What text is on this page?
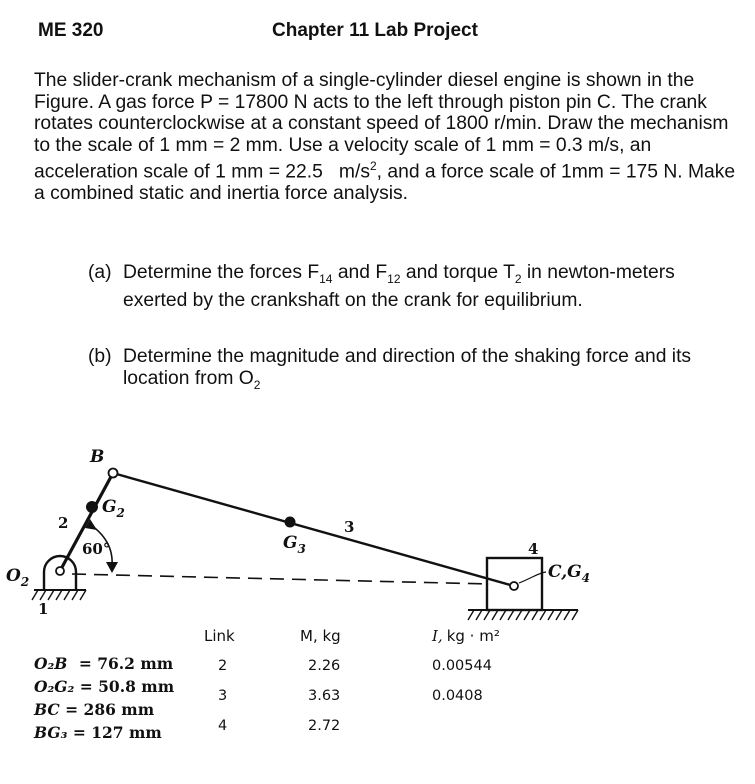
ME 320	Chapter 11 Lab Project
The slider-crank mechanism of a single-cylinder diesel engine is shown in the Figure. A gas force P = 17800 N acts to the left through piston pin C. The crank rotates counterclockwise at a constant speed of 1800 r/min. Draw the mechanism to the scale of 1 mm = 2 mm. Use a velocity scale of 1 mm = 0.3 m/s, an acceleration scale of 1 mm = 22.5   $m/s^2$, and a force scale of 1mm = 175 N. Make a combined static and inertia force analysis.
(a) Determine the forces $F_{14}$ and $F_{12}$ and torque $T_2$ in newton-meters exerted by the crankshaft on the crank for equilibrium.
(b) Determine the magnitude and direction of the shaking force and its location from $O_2$
B
$G_2$
$G_3$
$O_2$	$C,G_4$
2	3
4
1
60°
Link	M, kg	I, kg · m²
2	2.26	0.00544
3	3.63	0.0408
4	2.72
O₂B = 76.2 mm
O₂G₂ = 50.8 mm
BC = 286 mm
BG₃ = 127 mm
